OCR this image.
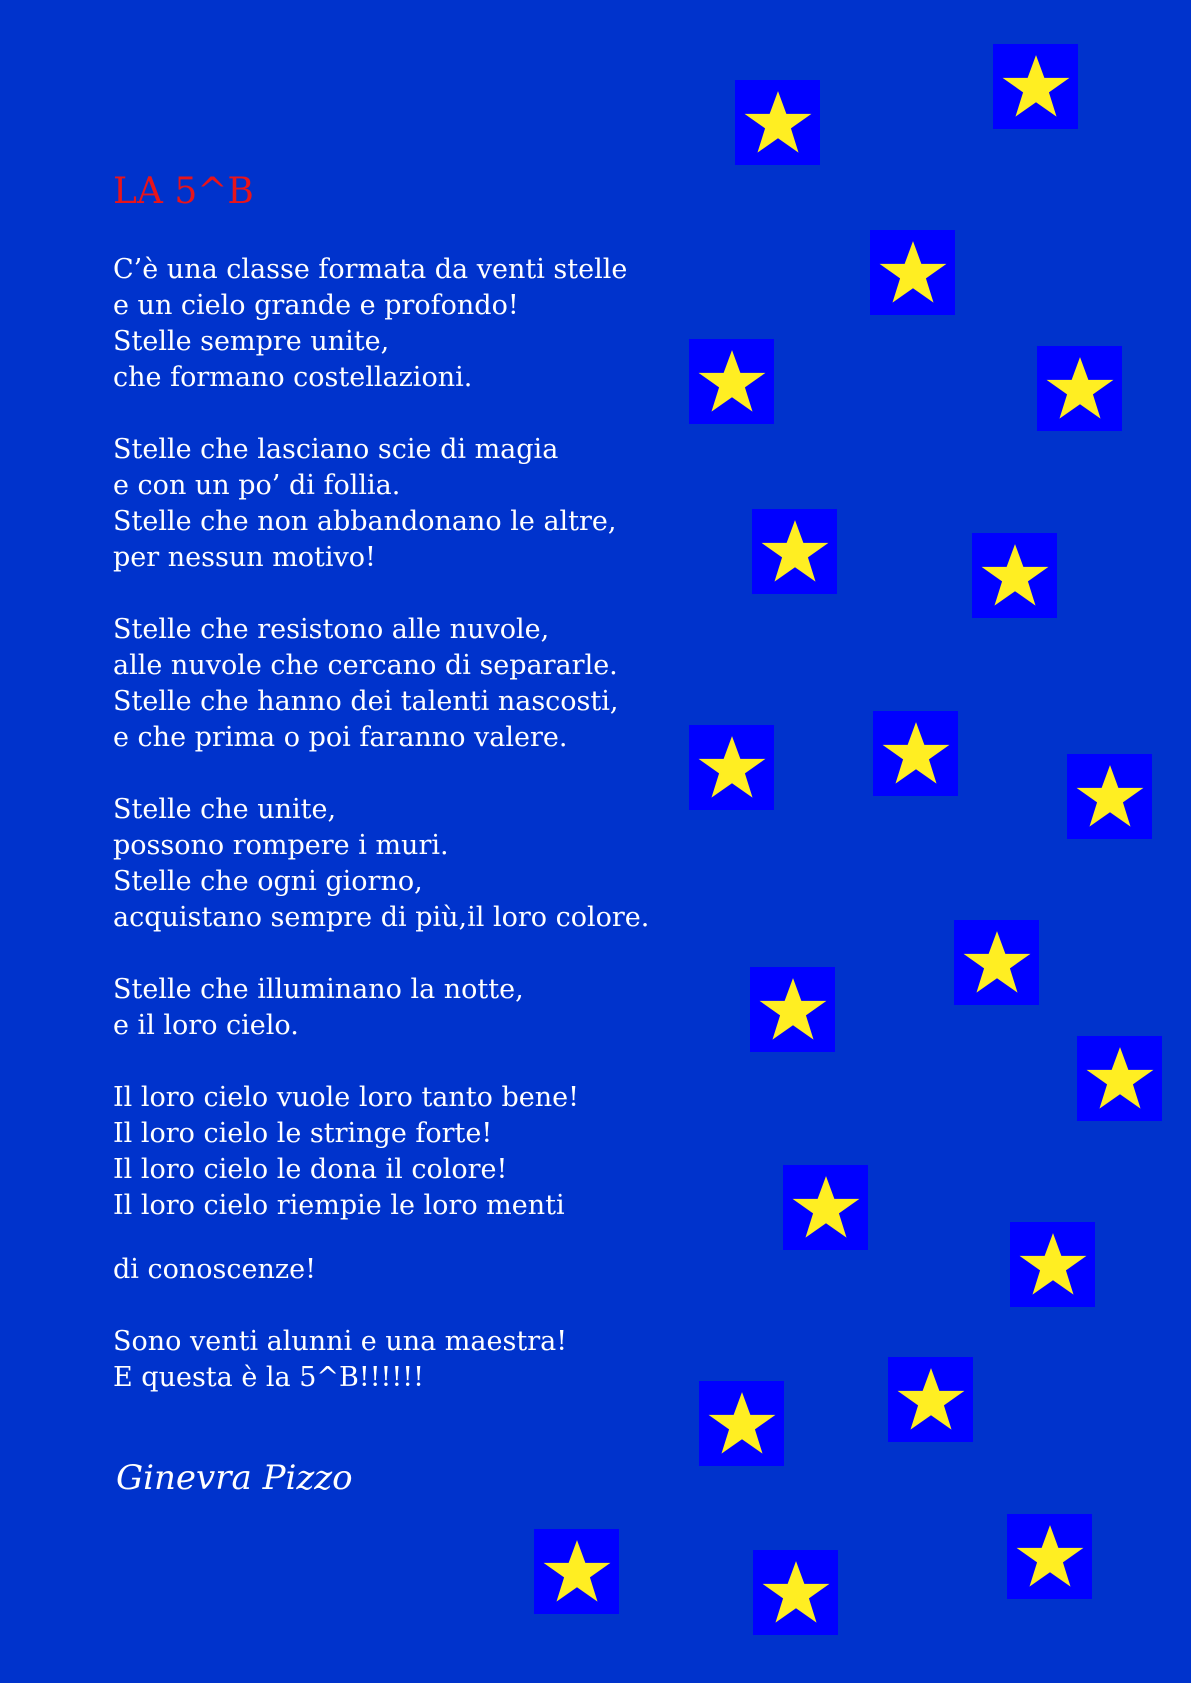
LA 5^B
C’è una classe formata da venti stelle
e un cielo grande e profondo!
Stelle sempre unite,
che formano costellazioni.
Stelle che lasciano scie di magia
e con un po’ di follia.
Stelle che non abbandonano le altre,
per nessun motivo!
Stelle che resistono alle nuvole,
alle nuvole che cercano di separarle.
Stelle che hanno dei talenti nascosti,
e che prima o poi faranno valere.
Stelle che unite,
possono rompere i muri.
Stelle che ogni giorno,
acquistano sempre di più,il loro colore.
Stelle che illuminano la notte,
e il loro cielo.
Il loro cielo vuole loro tanto bene!
Il loro cielo le stringe forte!
Il loro cielo le dona il colore!
Il loro cielo riempie le loro menti
di conoscenze!
Sono venti alunni e una maestra!
E questa è la 5^B!!!!!!
Ginevra Pizzo
